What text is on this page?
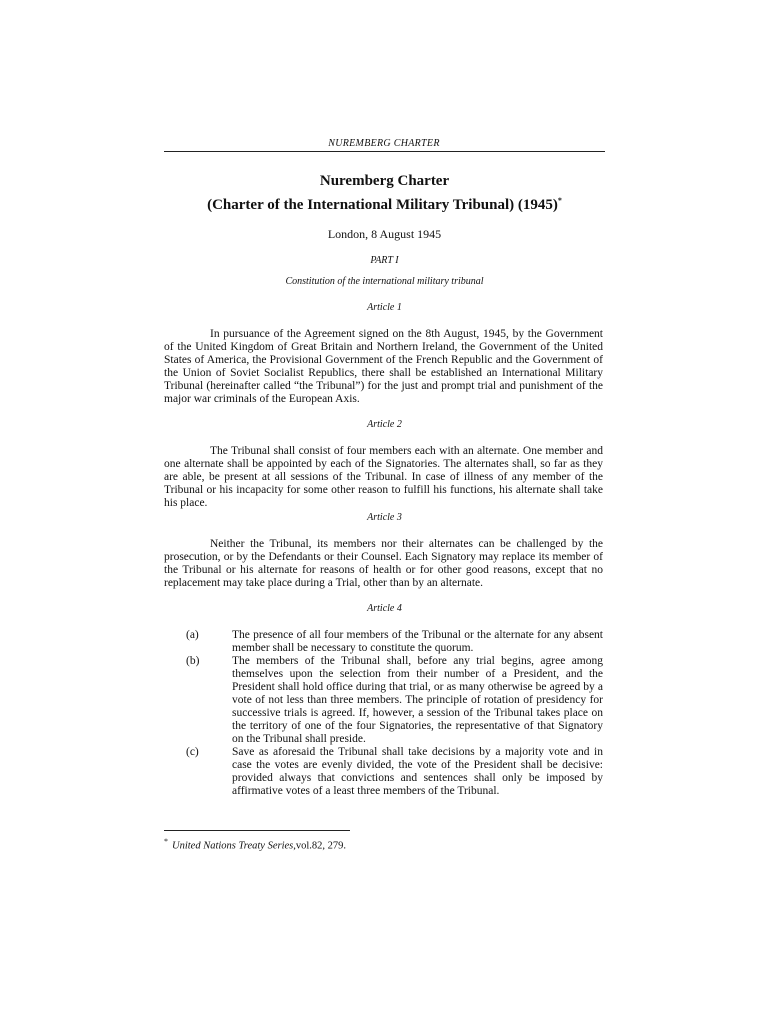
NUREMBERG CHARTER
Nuremberg Charter
(Charter of the International Military Tribunal) (1945)*
London, 8 August 1945
PART I
Constitution of the international military tribunal
Article 1

In pursuance of the Agreement signed on the 8th August, 1945, by the Government of the United Kingdom of Great Britain and Northern Ireland, the Government of the United States of America, the Provisional Government of the French Republic and the Government of the Union of Soviet Socialist Republics, there shall be established an International Military Tribunal (hereinafter called “the Tribunal”) for the just and prompt trial and punishment of the major war criminals of the European Axis.

Article 2

The Tribunal shall consist of four members each with an alternate. One member and one alternate shall be appointed by each of the Signatories. The alternates shall, so far as they are able, be present at all sessions of the Tribunal. In case of illness of any member of the Tribunal or his incapacity for some other reason to fulfill his functions, his alternate shall take his place.

Article 3

Neither the Tribunal, its members nor their alternates can be challenged by the prosecution, or by the Defendants or their Counsel. Each Signatory may replace its member of the Tribunal or his alternate for reasons of health or for other good reasons, except that no replacement may take place during a Trial, other than by an alternate.

Article 4
(a)	The presence of all four members of the Tribunal or the alternate for any absent member shall be necessary to constitute the quorum.
(b)	The members of the Tribunal shall, before any trial begins, agree among themselves upon the selection from their number of a President, and the President shall hold office during that trial, or as many otherwise be agreed by a vote of not less than three members. The principle of rotation of presidency for successive trials is agreed. If, however, a session of the Tribunal takes place on the territory of one of the four Signatories, the representative of that Signatory on the Tribunal shall preside.
(c)	Save as aforesaid the Tribunal shall take decisions by a majority vote and in case the votes are evenly divided, the vote of the President shall be decisive: provided always that convictions and sentences shall only be imposed by affirmative votes of a least three members of the Tribunal.
* United Nations Treaty Series,vol.82, 279.
